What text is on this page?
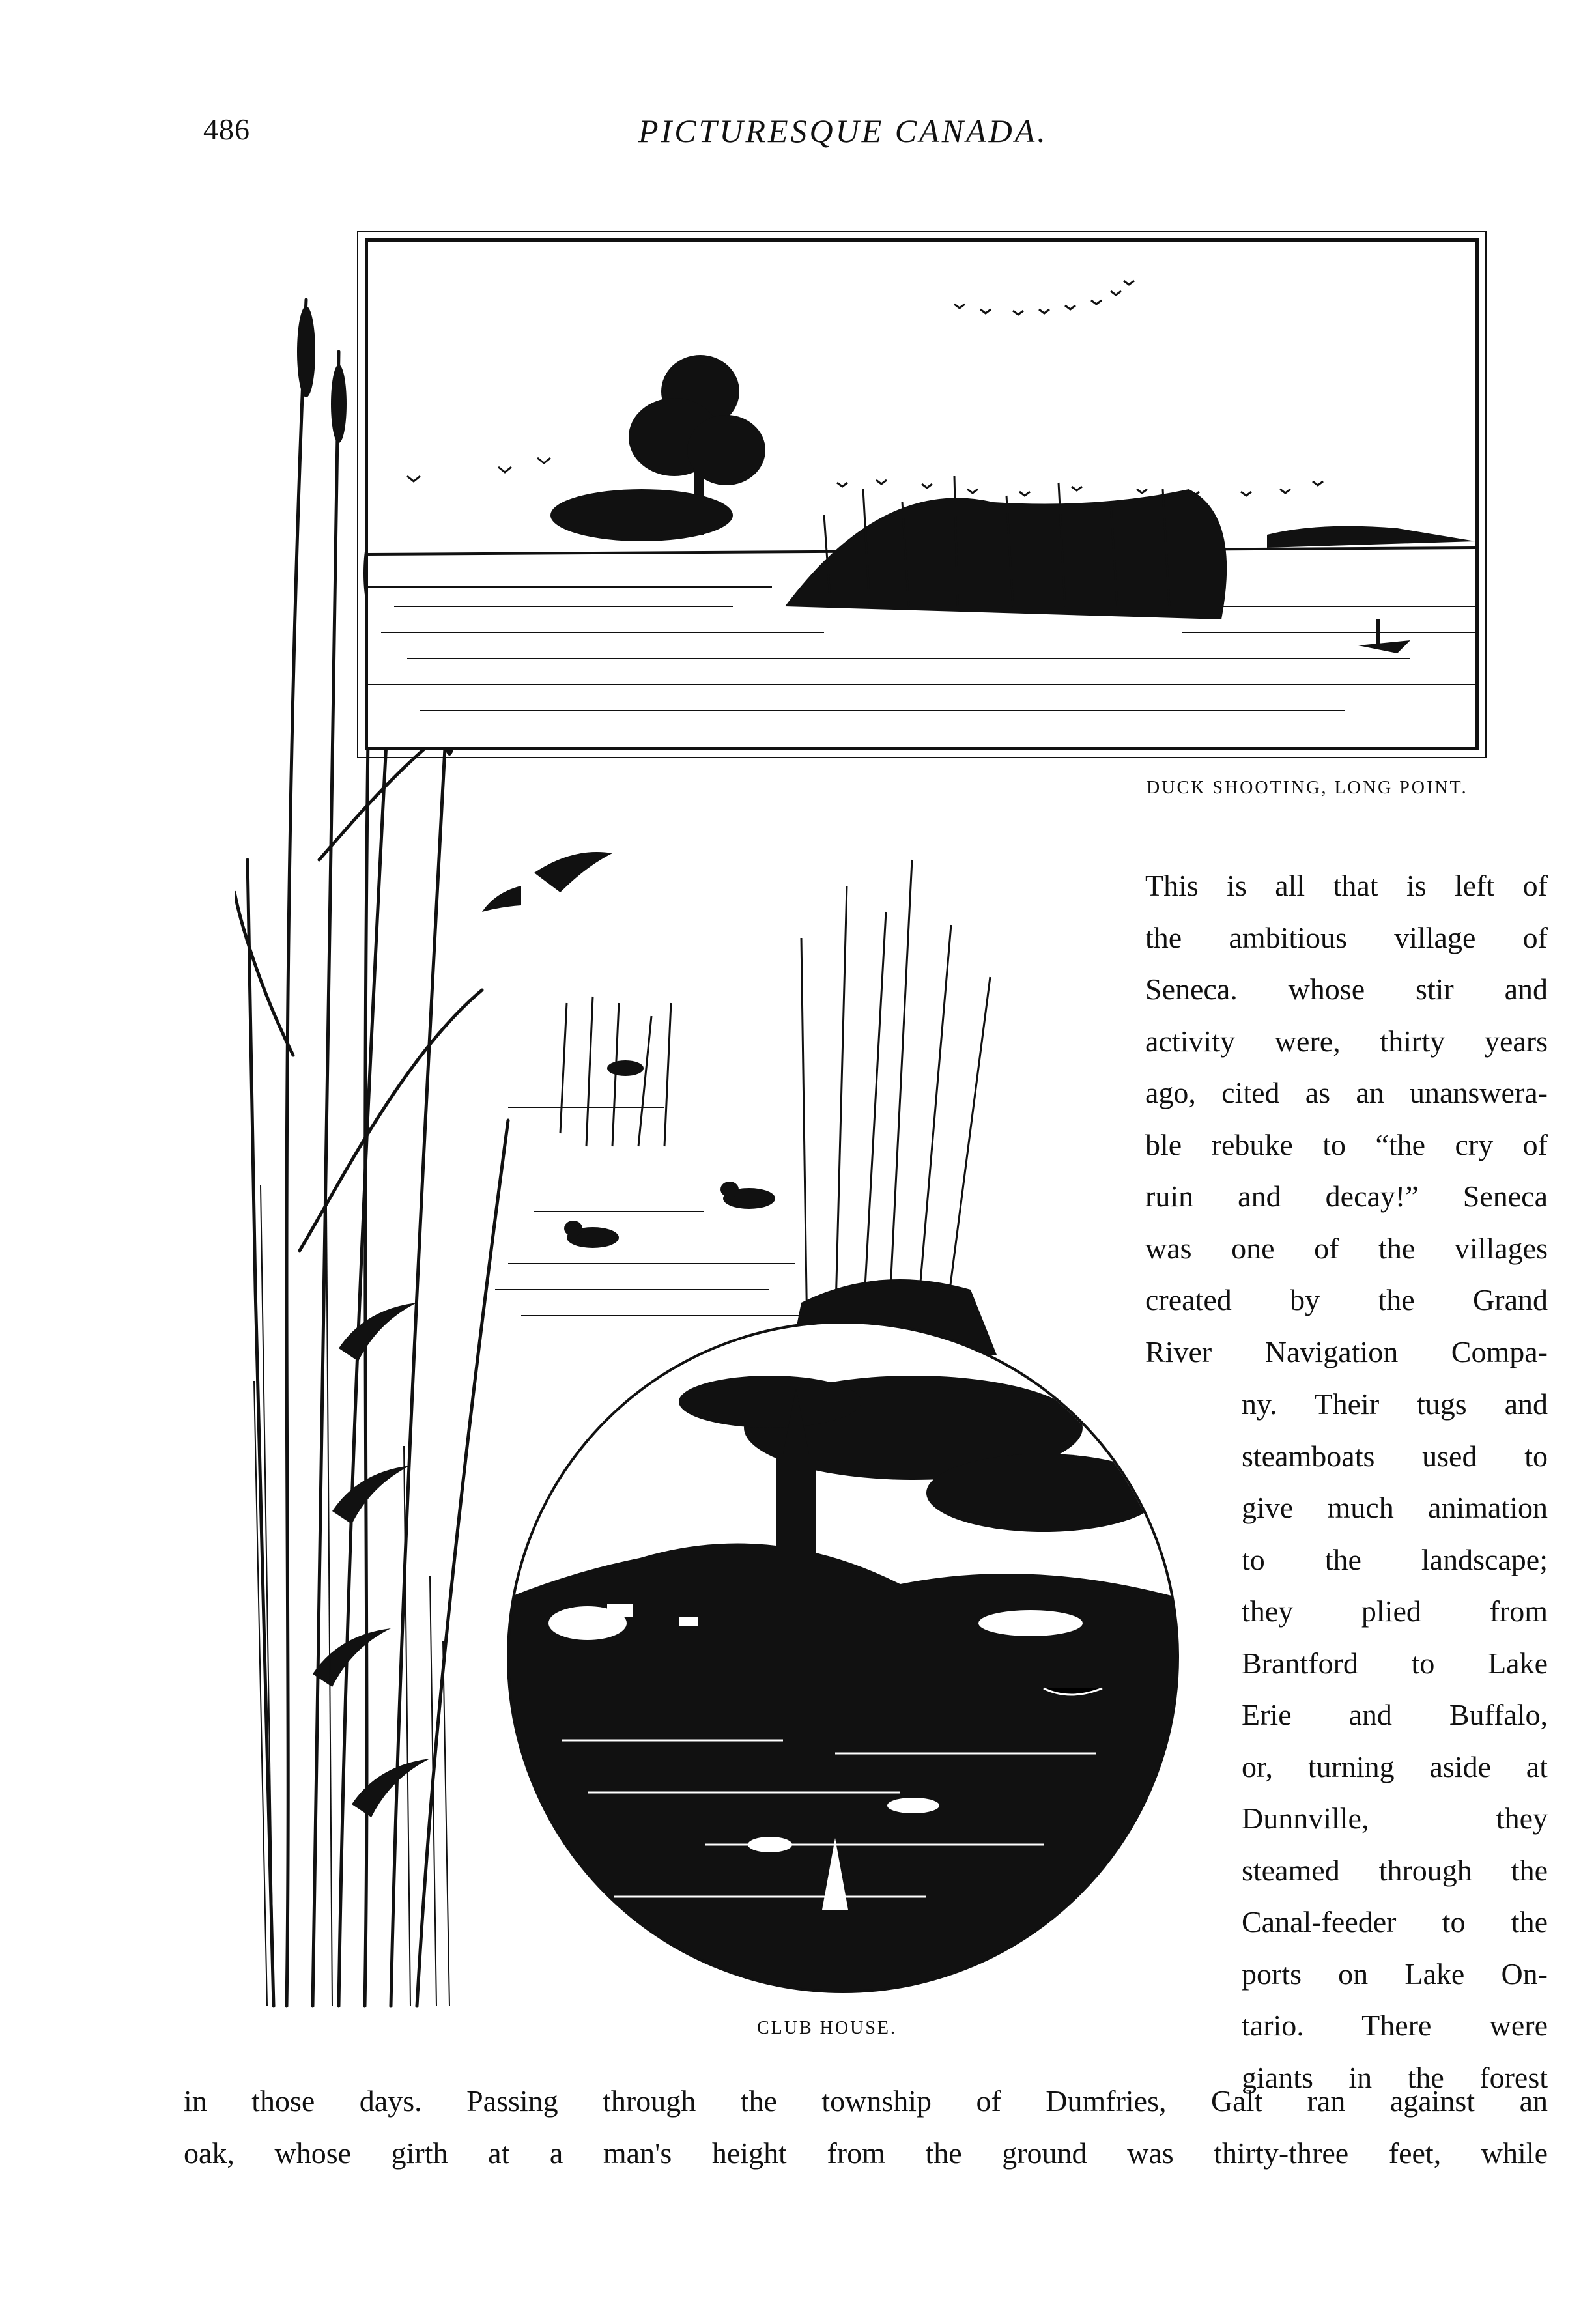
486	PICTURESQUE CANADA.
DUCK SHOOTING, LONG POINT.
CLUB HOUSE.
This is all that is left of
the ambitious village of
Seneca. whose stir and
activity were, thirty years
ago, cited as an unanswera-
ble rebuke to “the cry of
ruin and decay!” Seneca
was one of the villages
created by the Grand
River Navigation Compa-
ny. Their tugs and
steamboats used to
give much animation
to the landscape;
they plied from
Brantford to Lake
Erie and Buffalo,
or, turning aside at
Dunnville, they
steamed through the
Canal-feeder to the
ports on Lake On-
tario. There were
giants in the forest
in those days. Passing through the township of Dumfries, Galt ran against an
oak, whose girth at a man's height from the ground was thirty-three feet, while
